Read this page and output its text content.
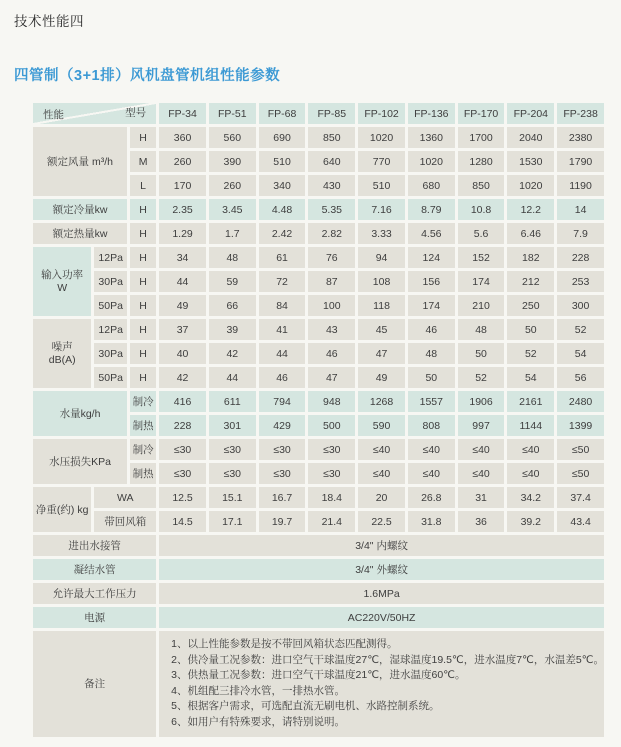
技术性能四
四管制（3+1排）风机盘管机组性能参数
性能 型号			FP-34	FP-51	FP-68	FP-85	FP-102	FP-136	FP-170	FP-204	FP-238
额定风量 m³/h		H	360	560	690	850	1020	1360	1700	2040	2380
		M	260	390	510	640	770	1020	1280	1530	1790
		L	170	260	340	430	510	680	850	1020	1190
额定冷量kw		H	2.35	3.45	4.48	5.35	7.16	8.79	10.8	12.2	14
额定热量kw		H	1.29	1.7	2.42	2.82	3.33	4.56	5.6	6.46	7.9

输入功率
W	12Pa	H	34	48	61	76	94	124	152	182	228
	30Pa	H	44	59	72	87	108	156	174	212	253
	50Pa	H	49	66	84	100	118	174	210	250	300

噪声
dB(A)	12Pa	H	37	39	41	43	45	46	48	50	52
	30Pa	H	40	42	44	46	47	48	50	52	54
	50Pa	H	42	44	46	47	49	50	52	54	56
水量kg/h		制冷	416	611	794	948	1268	1557	1906	2161	2480
		制热	228	301	429	500	590	808	997	1144	1399
水压损失KPa		制冷	≤30	≤30	≤30	≤30	≤40	≤40	≤40	≤40	≤50
		制热	≤30	≤30	≤30	≤30	≤40	≤40	≤40	≤40	≤50
净重(约) kg	WA		12.5	15.1	16.7	18.4	20	26.8	31	34.2	37.4
	带回风箱		14.5	17.1	19.7	21.4	22.5	31.8	36	39.2	43.4
进出水接管			3/4" 内螺纹								
凝结水管			3/4" 外螺纹								
允许最大工作压力			1.6MPa								
电源			AC220V/50HZ								
备注	
1、以上性能参数是按不带回风箱状态匹配测得。
2、供冷量工况参数：进口空气干球温度27℃，湿球温度19.5℃，进水温度7℃，水温差5℃。
3、供热量工况参数：进口空气干球温度21℃，进水温度60℃。
4、机组配三排冷水管，一排热水管。
5、根据客户需求，可选配直流无刷电机、水路控制系统。
6、如用户有特殊要求，请特别说明。
